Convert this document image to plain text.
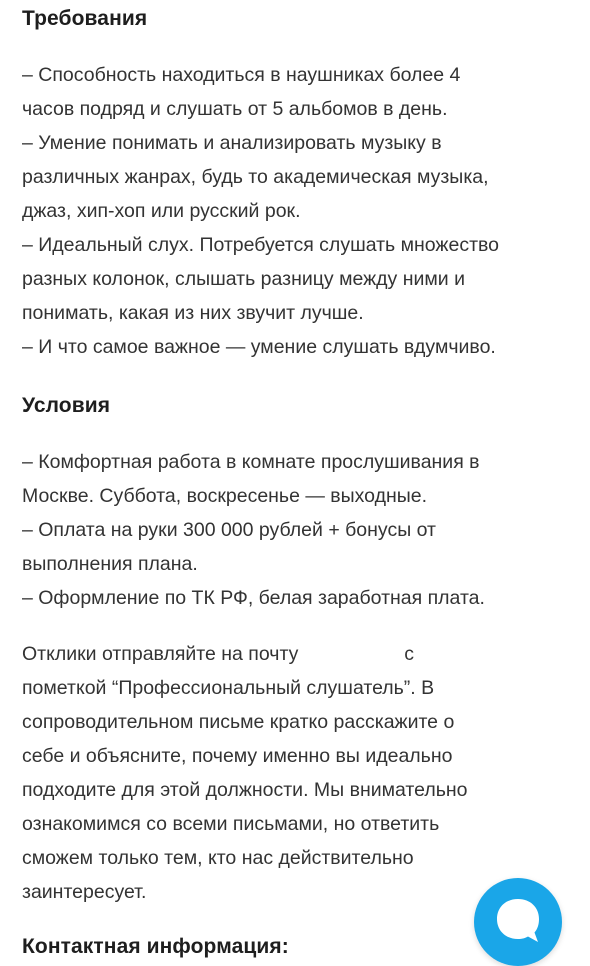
Требования

– Способность находиться в наушниках более 4

часов подряд и слушать от 5 альбомов в день.

– Умение понимать и анализировать музыку в

различных жанрах, будь то академическая музыка,

джаз, хип-хоп или русский рок.

– Идеальный слух. Потребуется слушать множество

разных колонок, слышать разницу между ними и

понимать, какая из них звучит лучше.

– И что самое важное — умение слушать вдумчиво.

Условия

– Комфортная работа в комнате прослушивания в

Москве. Суббота, воскресенье — выходные.

– Оплата на руки 300 000 рублей + бонусы от

выполнения плана.

– Оформление по ТК РФ, белая заработная плата.

Отклики отправляйте на почту	с

пометкой “Профессиональный слушатель”. В

сопроводительном письме кратко расскажите о

себе и объясните, почему именно вы идеально

подходите для этой должности. Мы внимательно

ознакомимся со всеми письмами, но ответить

сможем только тем, кто нас действительно

заинтересует.

Контактная информация:
